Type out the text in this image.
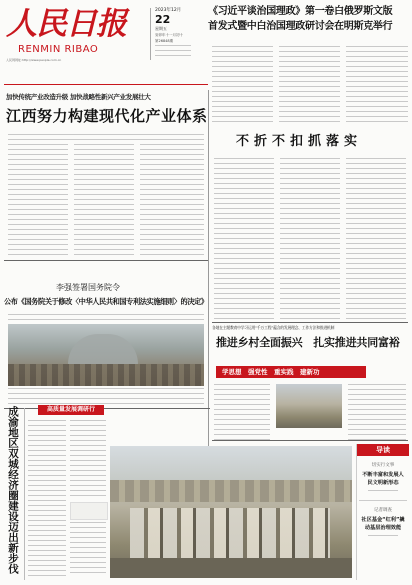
人民日报
RENMIN RIBAO
人民网网址:http://www.people.com.cn
2023年12月
22
星期五
癸卯年十一月初十
第26848期
《习近平谈治国理政》第一卷白俄罗斯文版
首发式暨中白治国理政研讨会在明斯克举行
加快传统产业改造升级 加快战略性新兴产业发展壮大
江西努力构建现代化产业体系
不折不扣抓落实
李强签署国务院令
公布《国务院关于修改〈中华人民共和国专利法实施细则〉的决定》
各地在主题教育中学习运用“千万工程”蕴含的发展理念、工作方法和推进机制
推进乡村全面振兴　扎实推进共同富裕
学思想　强党性　重实践　建新功
高质量发展调研行
成渝地区双城经济圈建设迈出新步伐	导读
切实行文事
不断丰富和发展人民文明新形态
记者调查
社区基金“红利”撬动基层治理效能
